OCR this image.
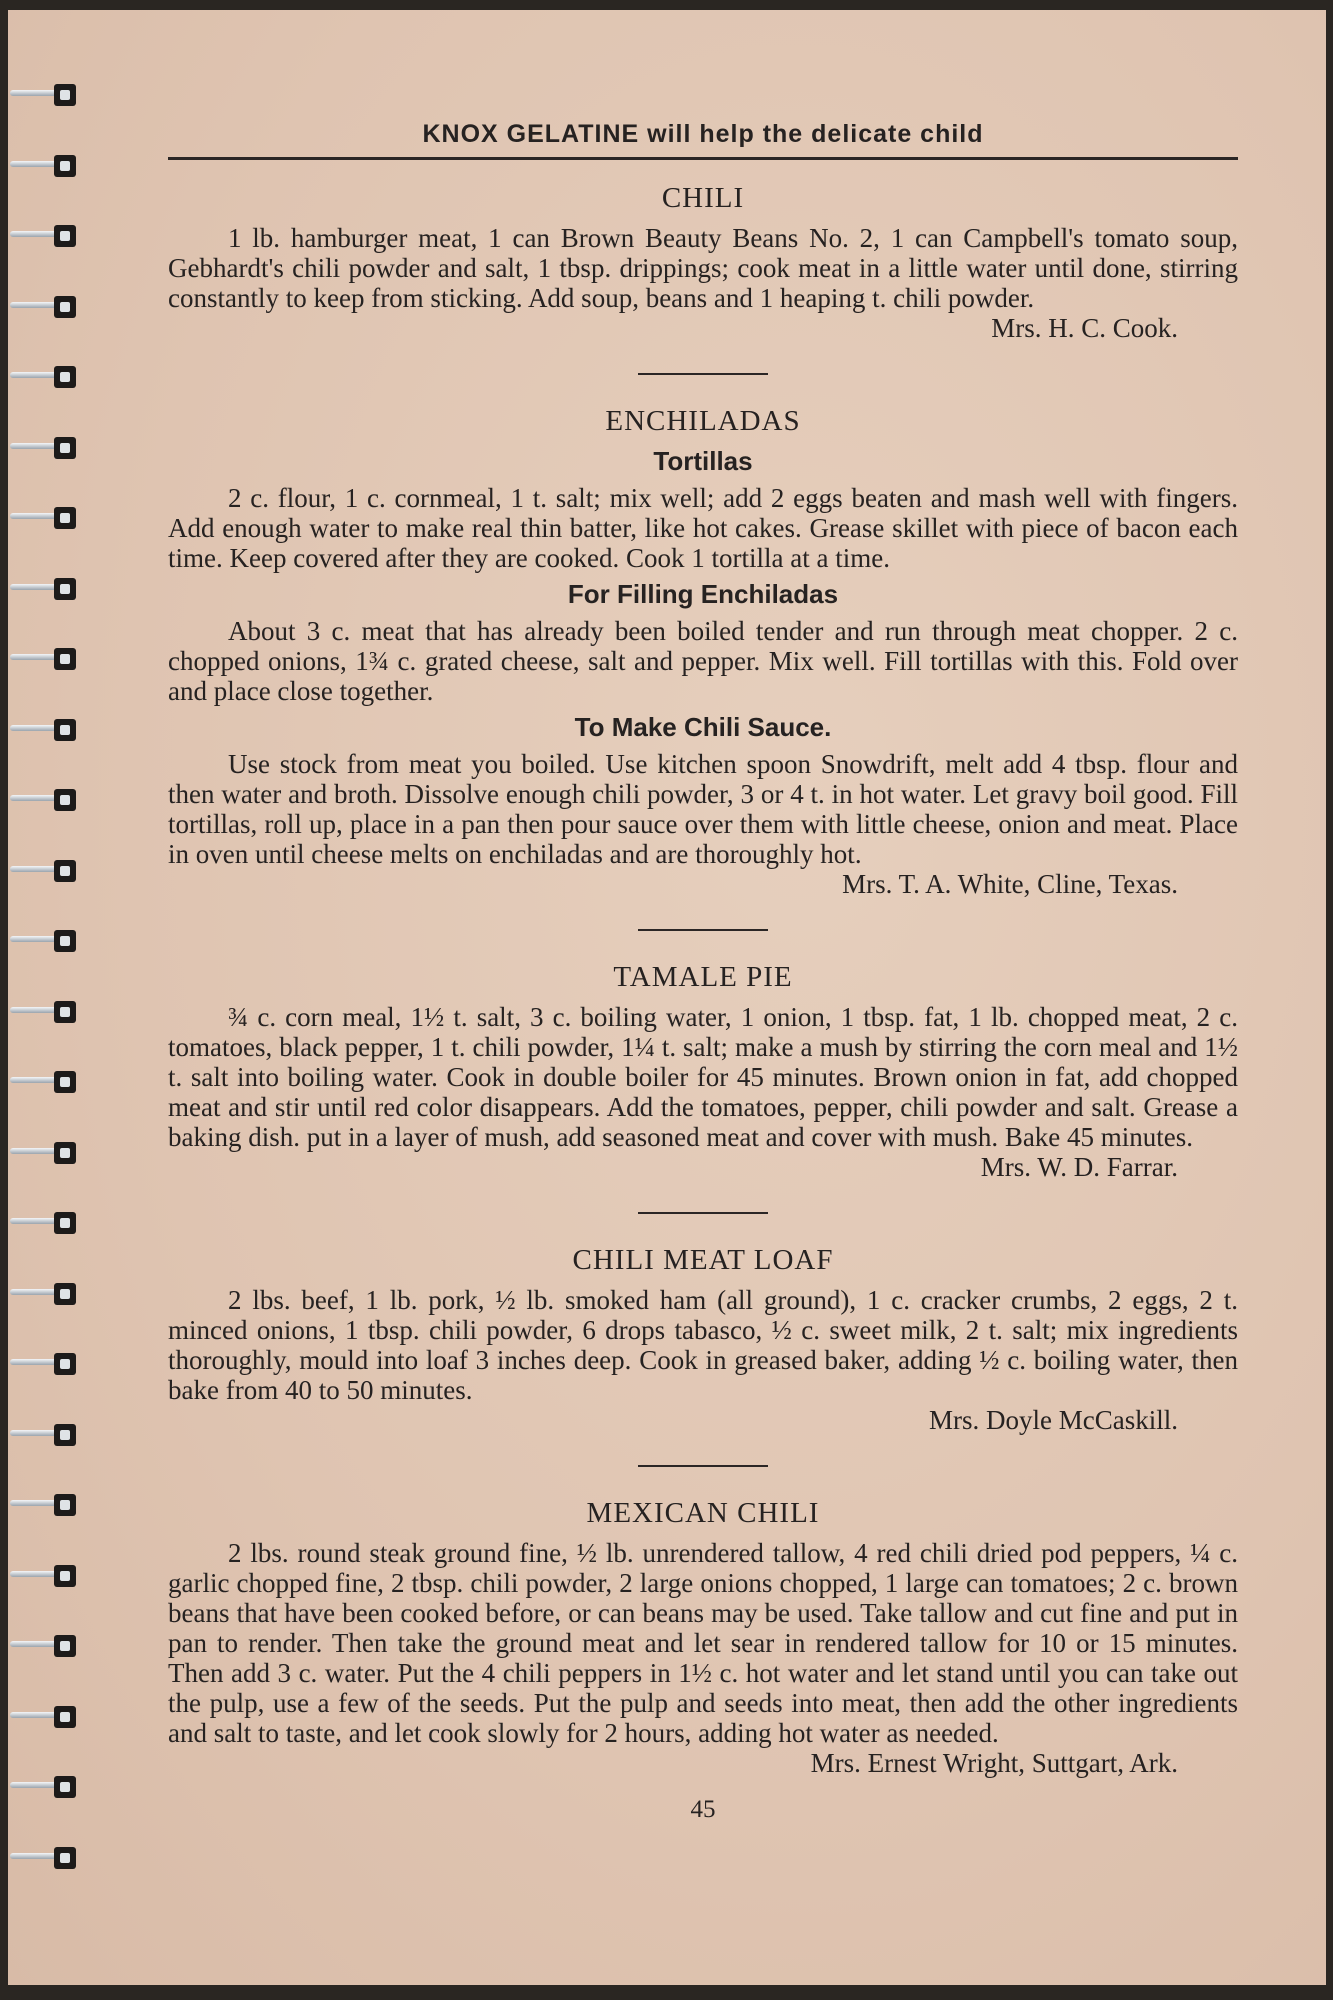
KNOX GELATINE will help the delicate child
CHILI

1 lb. hamburger meat, 1 can Brown Beauty Beans No. 2, 1 can Campbell's tomato soup, Gebhardt's chili powder and salt, 1 tbsp. drippings; cook meat in a little water until done, stirring constantly to keep from sticking. Add soup, beans and 1 heaping t. chili powder.

Mrs. H. C. Cook.

ENCHILADAS
Tortillas

2 c. flour, 1 c. cornmeal, 1 t. salt; mix well; add 2 eggs beaten and mash well with fingers. Add enough water to make real thin batter, like hot cakes. Grease skillet with piece of bacon each time. Keep covered after they are cooked. Cook 1 tortilla at a time.

For Filling Enchiladas

About 3 c. meat that has already been boiled tender and run through meat chopper. 2 c. chopped onions, 1¾ c. grated cheese, salt and pepper. Mix well. Fill tortillas with this. Fold over and place close together.

To Make Chili Sauce.

Use stock from meat you boiled. Use kitchen spoon Snowdrift, melt add 4 tbsp. flour and then water and broth. Dissolve enough chili powder, 3 or 4 t. in hot water. Let gravy boil good. Fill tortillas, roll up, place in a pan then pour sauce over them with little cheese, onion and meat. Place in oven until cheese melts on enchiladas and are thoroughly hot.

Mrs. T. A. White, Cline, Texas.

TAMALE PIE

¾ c. corn meal, 1½ t. salt, 3 c. boiling water, 1 onion, 1 tbsp. fat, 1 lb. chopped meat, 2 c. tomatoes, black pepper, 1 t. chili powder, 1¼ t. salt; make a mush by stirring the corn meal and 1½ t. salt into boiling water. Cook in double boiler for 45 minutes. Brown onion in fat, add chopped meat and stir until red color disappears. Add the tomatoes, pepper, chili powder and salt. Grease a baking dish. put in a layer of mush, add seasoned meat and cover with mush. Bake 45 minutes.

Mrs. W. D. Farrar.

CHILI MEAT LOAF

2 lbs. beef, 1 lb. pork, ½ lb. smoked ham (all ground), 1 c. cracker crumbs, 2 eggs, 2 t. minced onions, 1 tbsp. chili powder, 6 drops tabasco, ½ c. sweet milk, 2 t. salt; mix ingredients thoroughly, mould into loaf 3 inches deep. Cook in greased baker, adding ½ c. boiling water, then bake from 40 to 50 minutes.

Mrs. Doyle McCaskill.

MEXICAN CHILI

2 lbs. round steak ground fine, ½ lb. unrendered tallow, 4 red chili dried pod peppers, ¼ c. garlic chopped fine, 2 tbsp. chili powder, 2 large onions chopped, 1 large can tomatoes; 2 c. brown beans that have been cooked before, or can beans may be used. Take tallow and cut fine and put in pan to render. Then take the ground meat and let sear in rendered tallow for 10 or 15 minutes. Then add 3 c. water. Put the 4 chili peppers in 1½ c. hot water and let stand until you can take out the pulp, use a few of the seeds. Put the pulp and seeds into meat, then add the other ingredients and salt to taste, and let cook slowly for 2 hours, adding hot water as needed.

Mrs. Ernest Wright, Suttgart, Ark.

45
